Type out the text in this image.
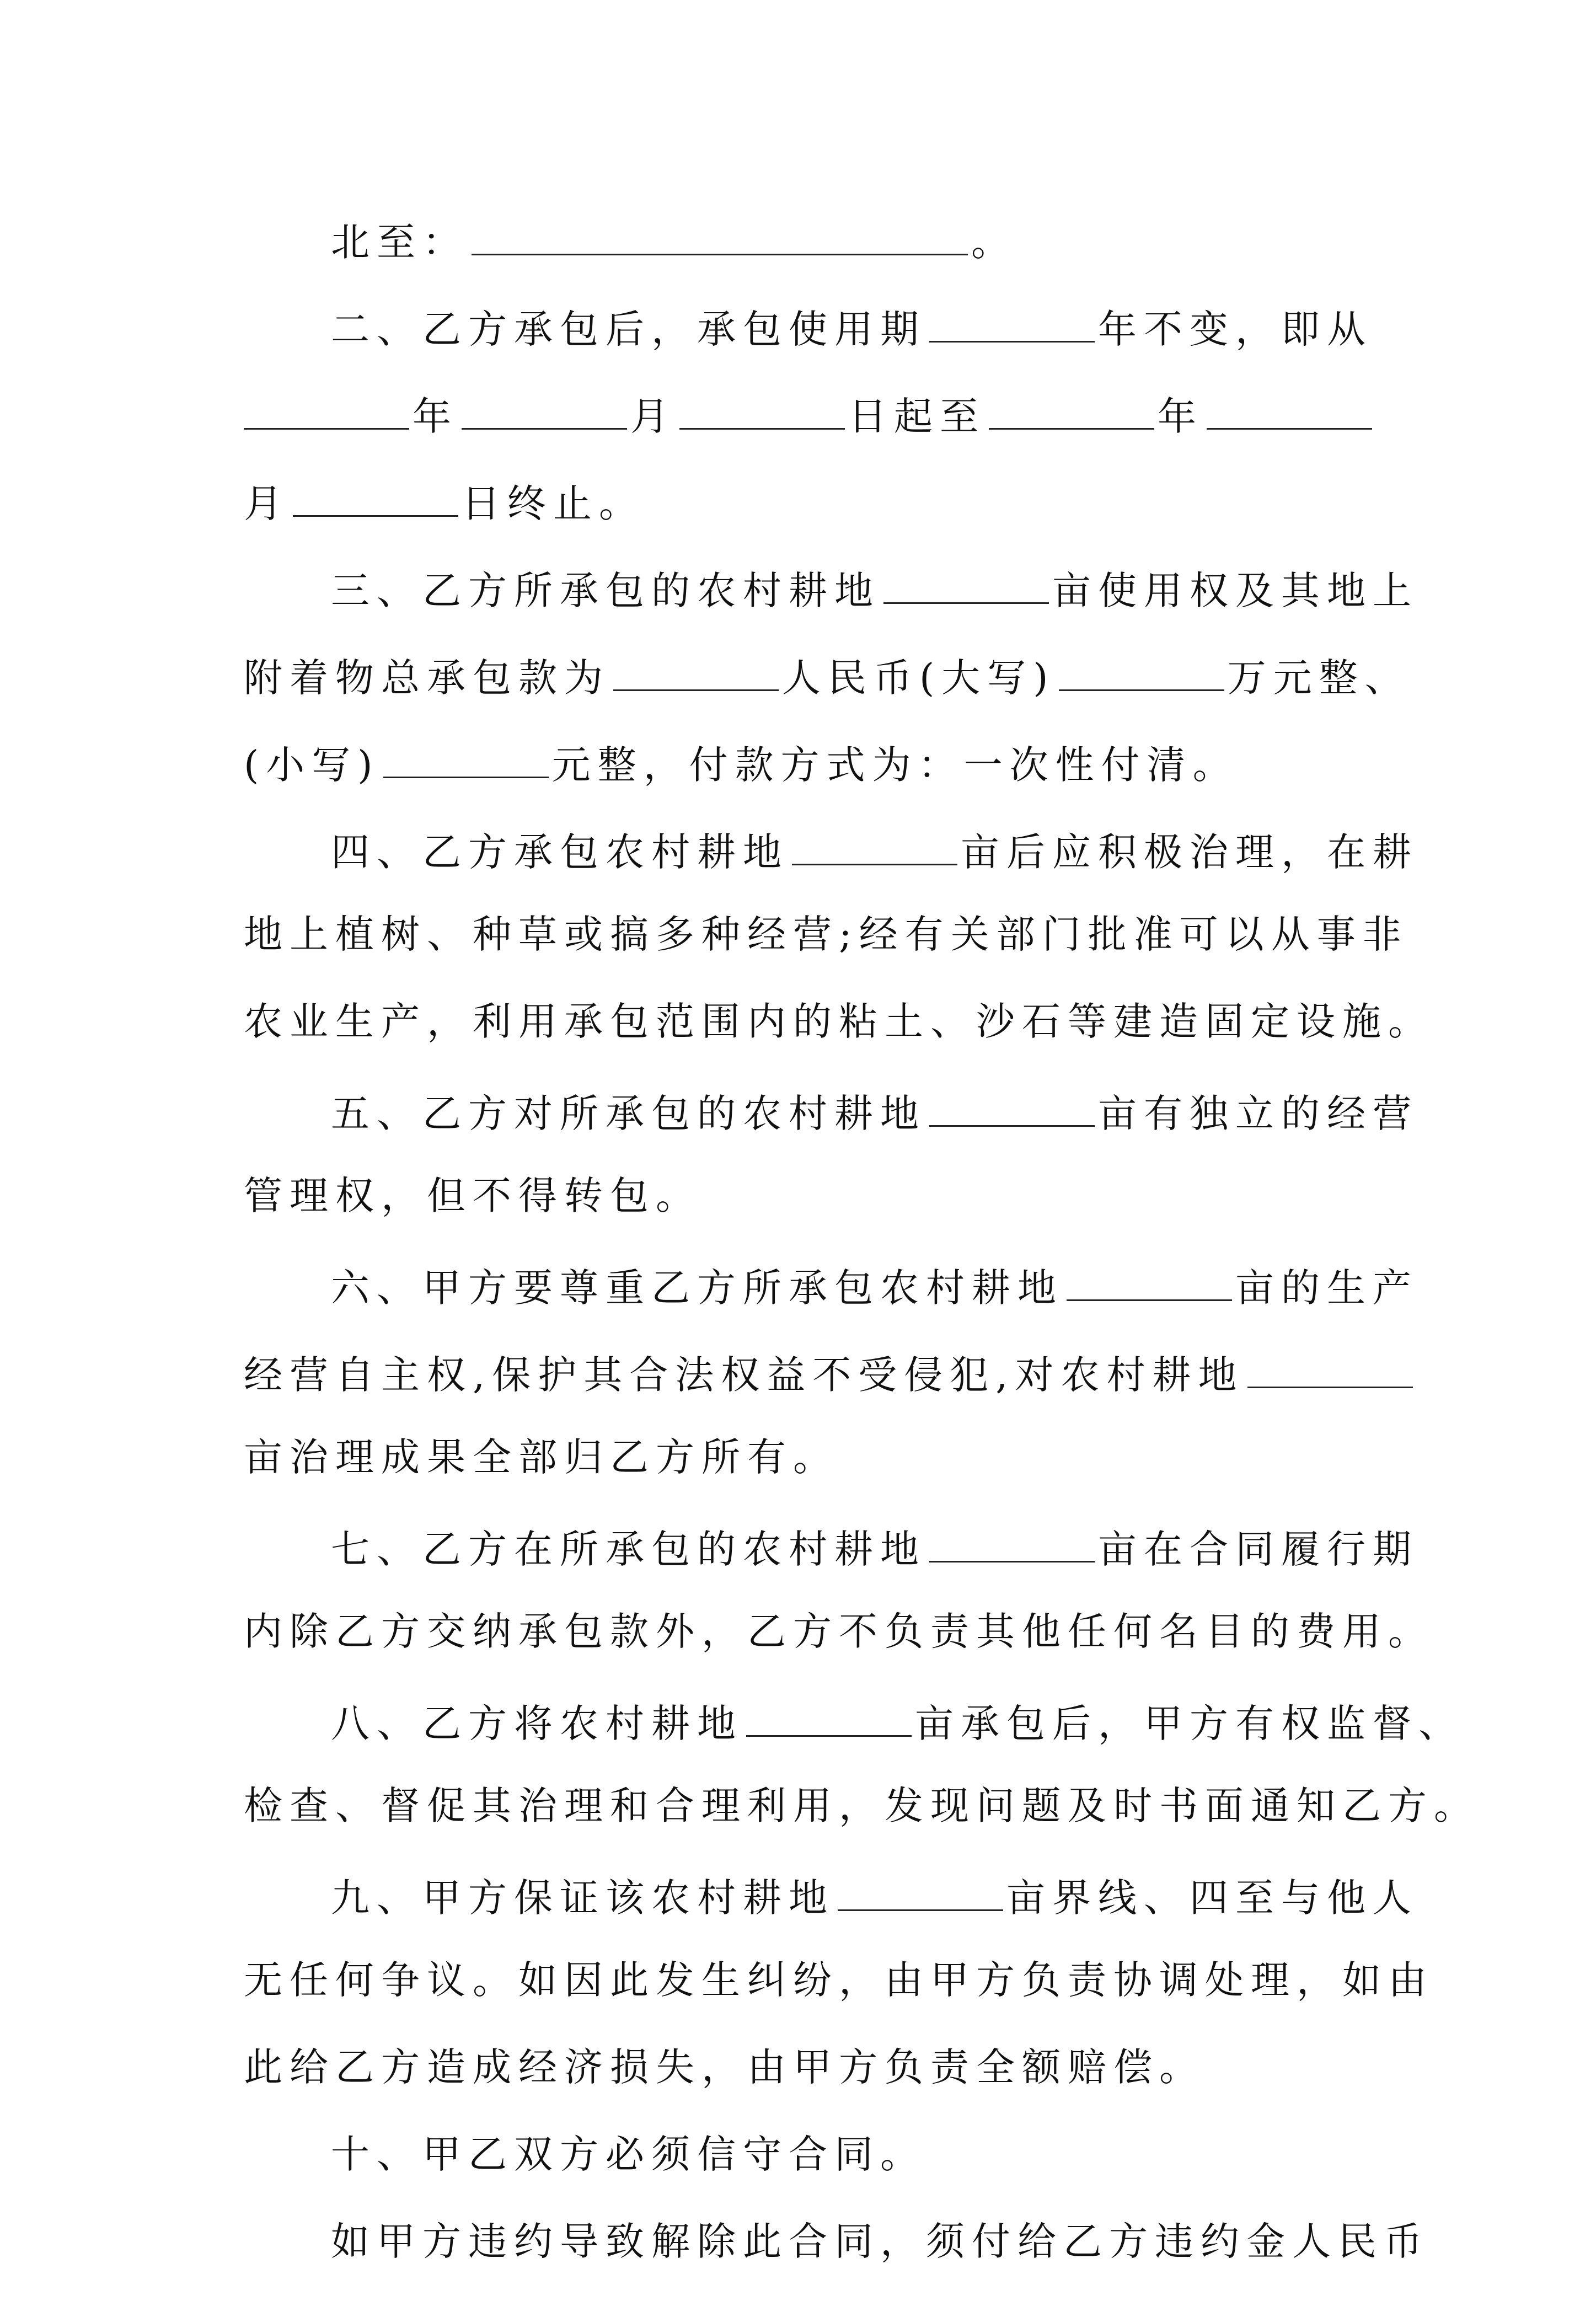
北至：	。
二、乙方承包后，承包使用期	年不变，即从
年	月	日起至	年
月	日终止。
三、乙方所承包的农村耕地	亩使用权及其地上
附着物总承包款为	人民币(大写)	万元整、
(小写)	元整，付款方式为：一次性付清。
四、乙方承包农村耕地	亩后应积极治理，在耕
地上植树、种草或搞多种经营;经有关部门批准可以从事非
农业生产，利用承包范围内的粘土、沙石等建造固定设施。
五、乙方对所承包的农村耕地	亩有独立的经营
管理权，但不得转包。
六、甲方要尊重乙方所承包农村耕地	亩的生产
经营自主权,保护其合法权益不受侵犯,对农村耕地
亩治理成果全部归乙方所有。
七、乙方在所承包的农村耕地	亩在合同履行期
内除乙方交纳承包款外，乙方不负责其他任何名目的费用。
八、乙方将农村耕地	亩承包后，甲方有权监督、
检查、督促其治理和合理利用，发现问题及时书面通知乙方。
九、甲方保证该农村耕地	亩界线、四至与他人
无任何争议。如因此发生纠纷，由甲方负责协调处理，如由
此给乙方造成经济损失，由甲方负责全额赔偿。
十、甲乙双方必须信守合同。
如甲方违约导致解除此合同，须付给乙方违约金人民币
